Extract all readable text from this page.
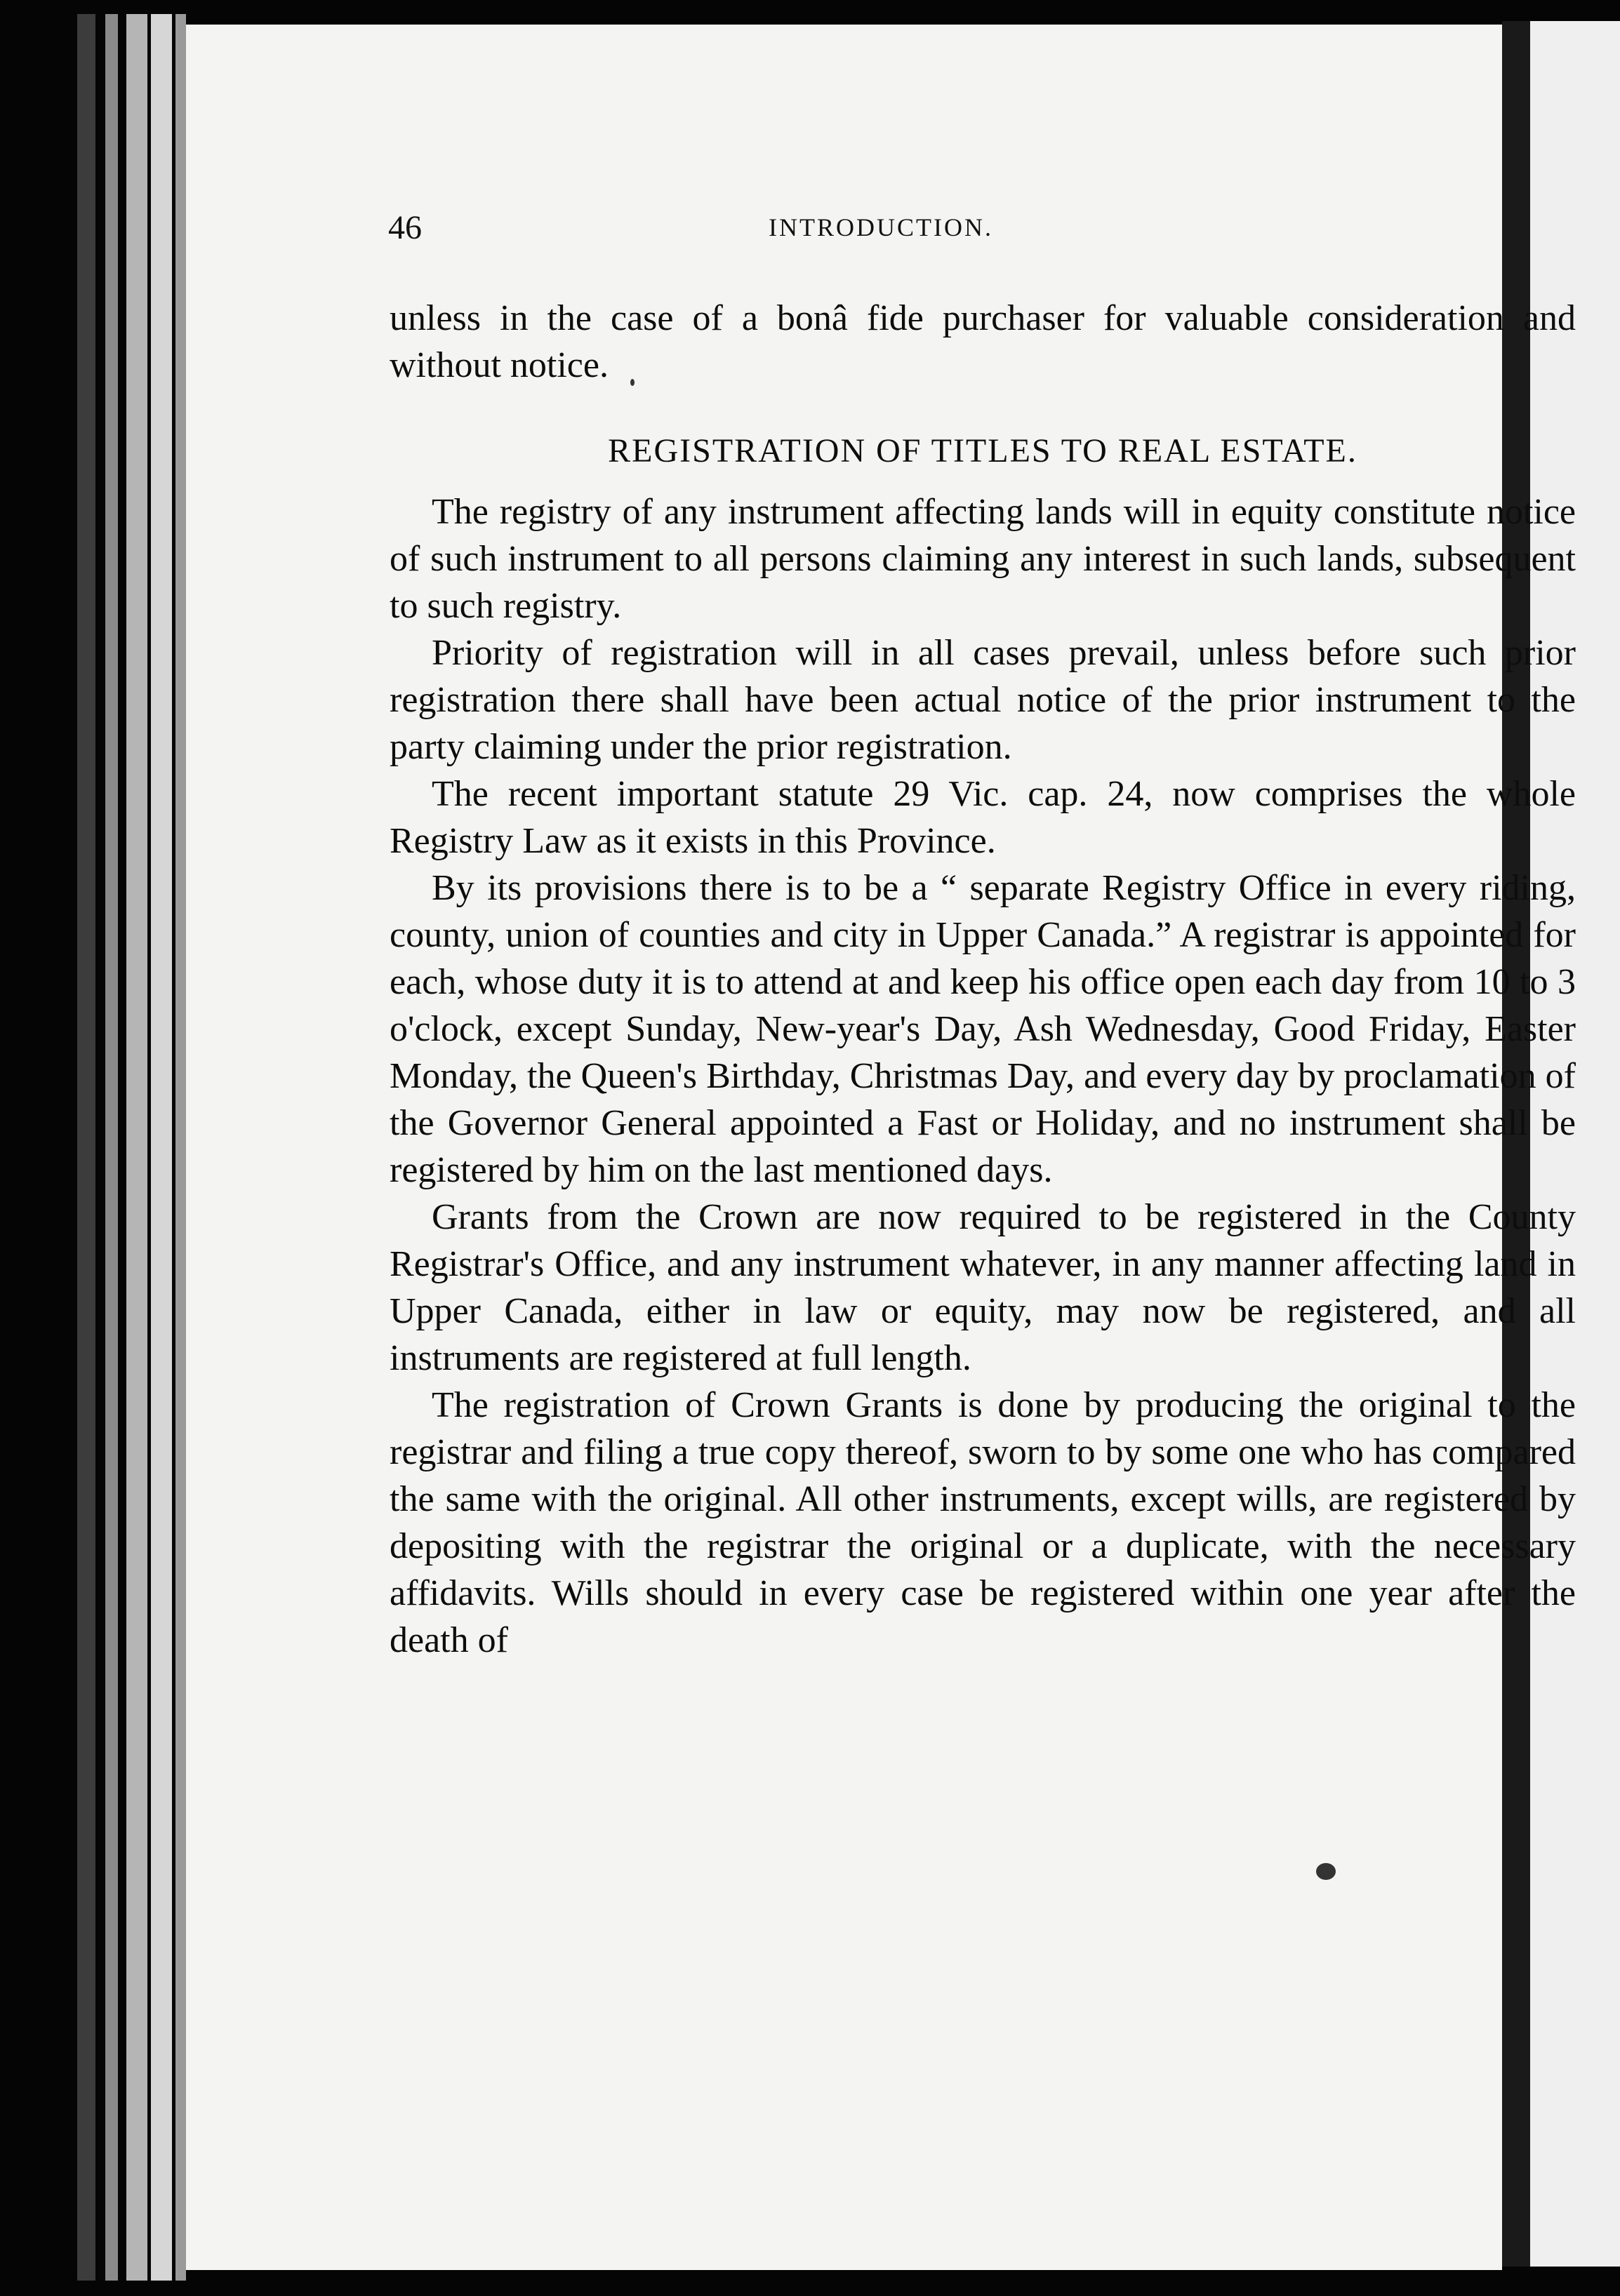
46	INTRODUCTION.

unless in the case of a bonâ fide purchaser for valuable consideration and without notice.

REGISTRATION OF TITLES TO REAL ESTATE.

The registry of any instrument affecting lands will in equity constitute notice of such instrument to all persons claiming any interest in such lands, subsequent to such registry.

Priority of registration will in all cases prevail, unless before such prior registration there shall have been actual notice of the prior instrument to the party claiming under the prior registration.

The recent important statute 29 Vic. cap. 24, now comprises the whole Registry Law as it exists in this Province.

By its provisions there is to be a “ separate Registry Office in every riding, county, union of counties and city in Upper Canada.” A registrar is appointed for each, whose duty it is to attend at and keep his office open each day from 10 to 3 o'clock, except Sunday, New-year's Day, Ash Wednesday, Good Friday, Easter Monday, the Queen's Birthday, Christmas Day, and every day by proclamation of the Governor General appointed a Fast or Holiday, and no instrument shall be registered by him on the last mentioned days.

Grants from the Crown are now required to be registered in the County Registrar's Office, and any instrument whatever, in any manner affecting land in Upper Canada, either in law or equity, may now be registered, and all instruments are registered at full length.

The registration of Crown Grants is done by producing the original to the registrar and filing a true copy thereof, sworn to by some one who has compared the same with the original. All other instruments, except wills, are registered by depositing with the registrar the original or a duplicate, with the necessary affidavits. Wills should in every case be registered within one year after the death of
